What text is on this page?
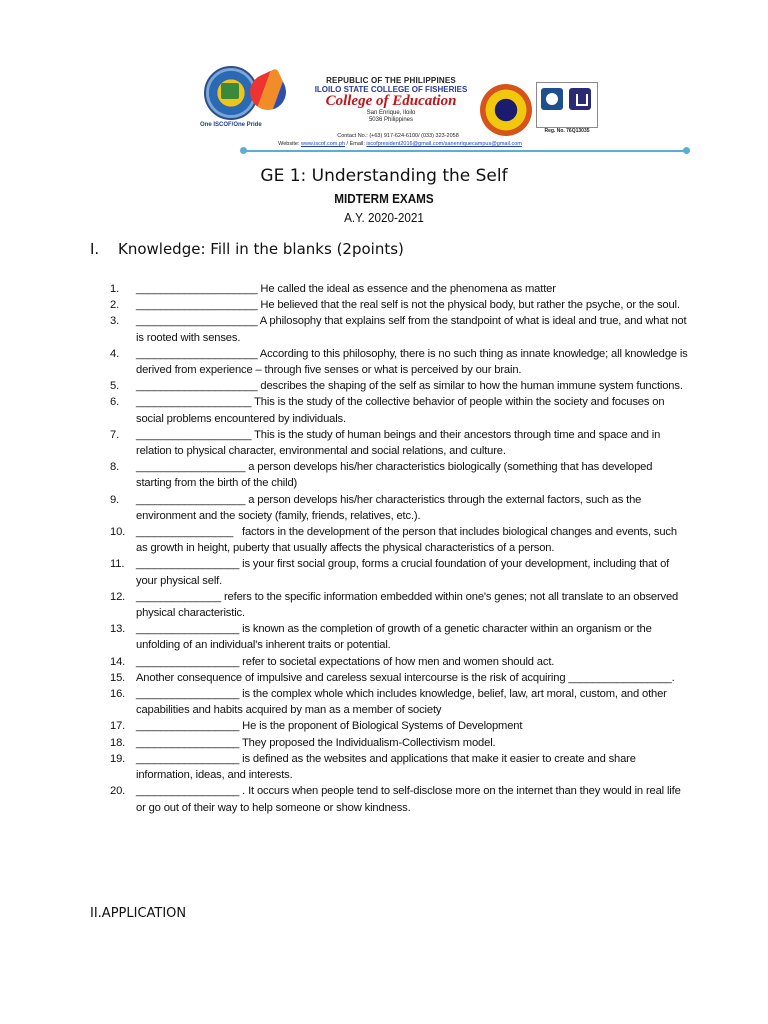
One ISCOF/One Pride
REPUBLIC OF THE PHILIPPINES
ILOILO STATE COLLEGE OF FISHERIES
College of Education
San Enrique, Iloilo
5036 Philippines
Contact No.: (+63) 917-624-6100/ (033) 323-2058
Website: www.iscof.com.ph / Email: iscofpresident2016@gmail.com/sanenriquecampus@gmail.com
Reg. No. 76Q13035
GE 1: Understanding the Self
MIDTERM EXAMS
A.Y. 2020-2021
I. Knowledge: Fill in the blanks (2points)
1.	____________________ He called the ideal as essence and the phenomena as matter
2.	____________________ He believed that the real self is not the physical body, but rather the psyche, or the soul.
3.	____________________ A philosophy that explains self from the standpoint of what is ideal and true, and what not is rooted with senses.
4.	____________________ According to this philosophy, there is no such thing as innate knowledge; all knowledge is derived from experience – through five senses or what is perceived by our brain.
5.	____________________ describes the shaping of the self as similar to how the human immune system functions.
6.	___________________ This is the study of the collective behavior of people within the society and focuses on social problems encountered by individuals.
7.	___________________ This is the study of human beings and their ancestors through time and space and in relation to physical character, environmental and social relations, and culture.
8.	__________________ a person develops his/her characteristics biologically (something that has developed starting from the birth of the child)
9.	__________________ a person develops his/her characteristics through the external factors, such as the environment and the society (family, friends, relatives, etc.).
10. ________________   factors in the development of the person that includes biological changes and events, such as growth in height, puberty that usually affects the physical characteristics of a person.
11.	_________________ is your first social group, forms a crucial foundation of your development, including that of your physical self.
12. ______________ refers to the specific information embedded within one's genes; not all translate to an observed physical characteristic.
13. _________________ is known as the completion of growth of a genetic character within an organism or the unfolding of an individual's inherent traits or potential.
14. _________________ refer to societal expectations of how men and women should act.
15. Another consequence of impulsive and careless sexual intercourse is the risk of acquiring _________________.
16. _________________ is the complex whole which includes knowledge, belief, law, art moral, custom, and other capabilities and habits acquired by man as a member of society
17. _________________ He is the proponent of Biological Systems of Development
18. _________________ They proposed the Individualism-Collectivism model.
19. _________________ is defined as the websites and applications that make it easier to create and share information, ideas, and interests.
20. _________________ . It occurs when people tend to self-disclose more on the internet than they would in real life or go out of their way to help someone or show kindness.
II.APPLICATION
